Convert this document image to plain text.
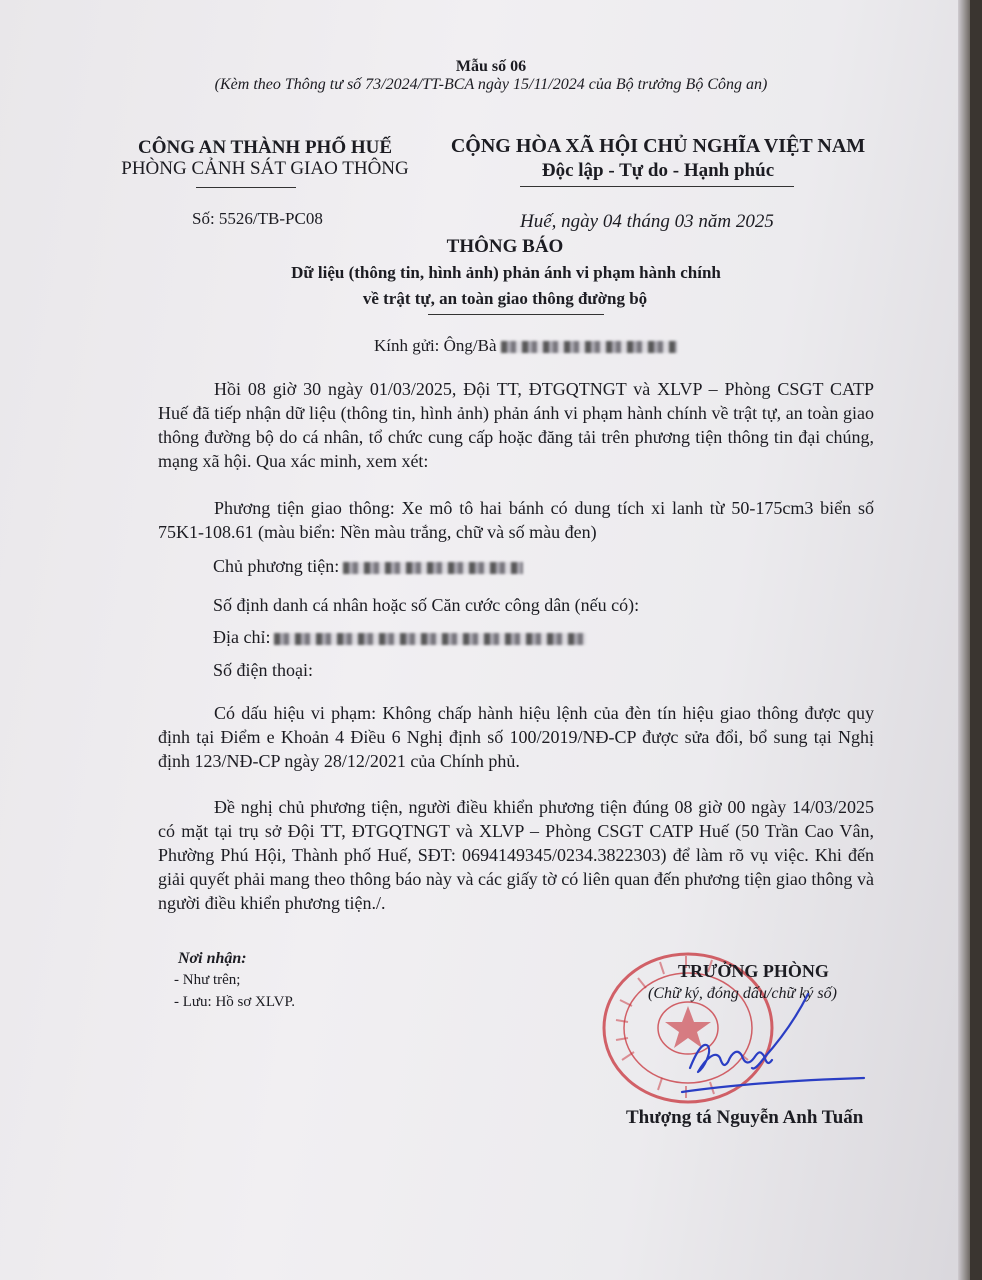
Mẫu số 06
(Kèm theo Thông tư số 73/2024/TT-BCA ngày 15/11/2024 của Bộ trưởng Bộ Công an)
CÔNG AN THÀNH PHỐ HUẾ
PHÒNG CẢNH SÁT GIAO THÔNG
CỘNG HÒA XÃ HỘI CHỦ NGHĨA VIỆT NAM
Độc lập - Tự do - Hạnh phúc
Số: 5526/TB-PC08	Huế, ngày 04 tháng 03 năm 2025
THÔNG BÁO
Dữ liệu (thông tin, hình ảnh) phản ánh vi phạm hành chính
về trật tự, an toàn giao thông đường bộ
Kính gửi: Ông/Bà
Hồi 08 giờ 30 ngày 01/03/2025, Đội TT, ĐTGQTNGT và XLVP – Phòng CSGT CATP Huế đã tiếp nhận dữ liệu (thông tin, hình ảnh) phản ánh vi phạm hành chính về trật tự, an toàn giao thông đường bộ do cá nhân, tổ chức cung cấp hoặc đăng tải trên phương tiện thông tin đại chúng, mạng xã hội. Qua xác minh, xem xét:
Phương tiện giao thông: Xe mô tô hai bánh có dung tích xi lanh từ 50-175cm3 biển số 75K1-108.61 (màu biển: Nền màu trắng, chữ và số màu đen)
Chủ phương tiện:
Số định danh cá nhân hoặc số Căn cước công dân (nếu có):
Địa chỉ:
Số điện thoại:
Có dấu hiệu vi phạm: Không chấp hành hiệu lệnh của đèn tín hiệu giao thông được quy định tại Điểm e Khoản 4 Điều 6 Nghị định số 100/2019/NĐ-CP được sửa đổi, bổ sung tại Nghị định 123/NĐ-CP ngày 28/12/2021 của Chính phủ.
Đề nghị chủ phương tiện, người điều khiển phương tiện đúng 08 giờ 00 ngày 14/03/2025 có mặt tại trụ sở Đội TT, ĐTGQTNGT và XLVP – Phòng CSGT CATP Huế (50 Trần Cao Vân, Phường Phú Hội, Thành phố Huế, SĐT: 0694149345/0234.3822303) để làm rõ vụ việc. Khi đến giải quyết phải mang theo thông báo này và các giấy tờ có liên quan đến phương tiện giao thông và người điều khiển phương tiện./.
Nơi nhận:
- Như trên;
- Lưu: Hồ sơ XLVP.
TRƯỞNG PHÒNG
(Chữ ký, đóng dấu/chữ ký số)
Thượng tá Nguyễn Anh Tuấn
